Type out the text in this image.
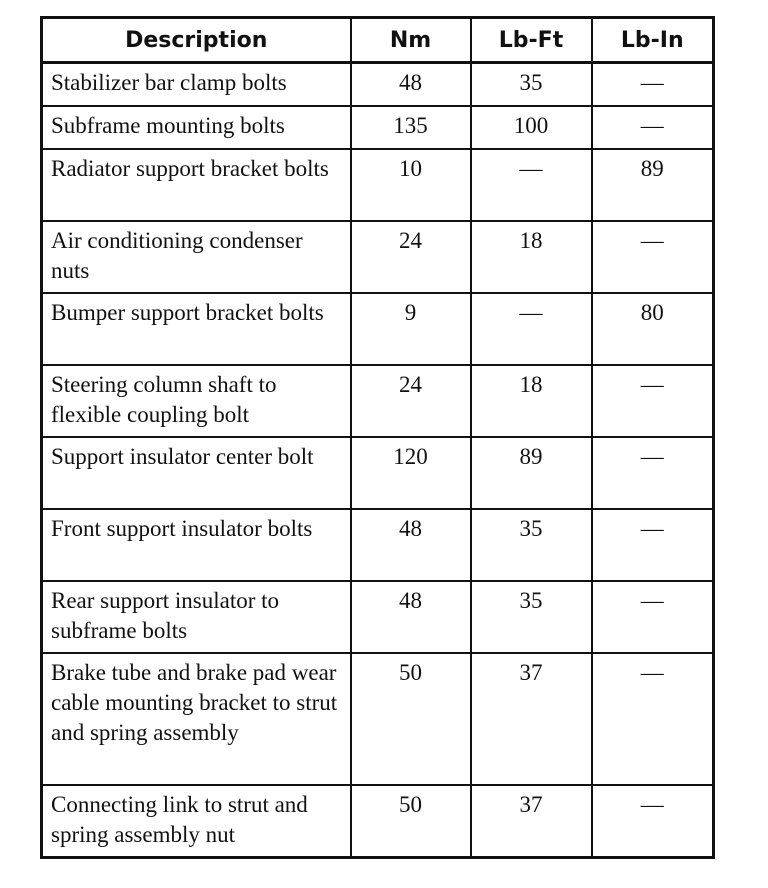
Description	Nm	Lb-Ft	Lb-In
Stabilizer bar clamp bolts	48	35	—
Subframe mounting bolts	135	100	—
Radiator support bracket bolts	10	—	89
Air conditioning condenser nuts	24	18	—
Bumper support bracket bolts	9	—	80
Steering column shaft to flexible coupling bolt	24	18	—
Support insulator center bolt	120	89	—
Front support insulator bolts	48	35	—
Rear support insulator to subframe bolts	48	35	—
Brake tube and brake pad wear cable mounting bracket to strut and spring assembly	50	37	—
Connecting link to strut and spring assembly nut	50	37	—
